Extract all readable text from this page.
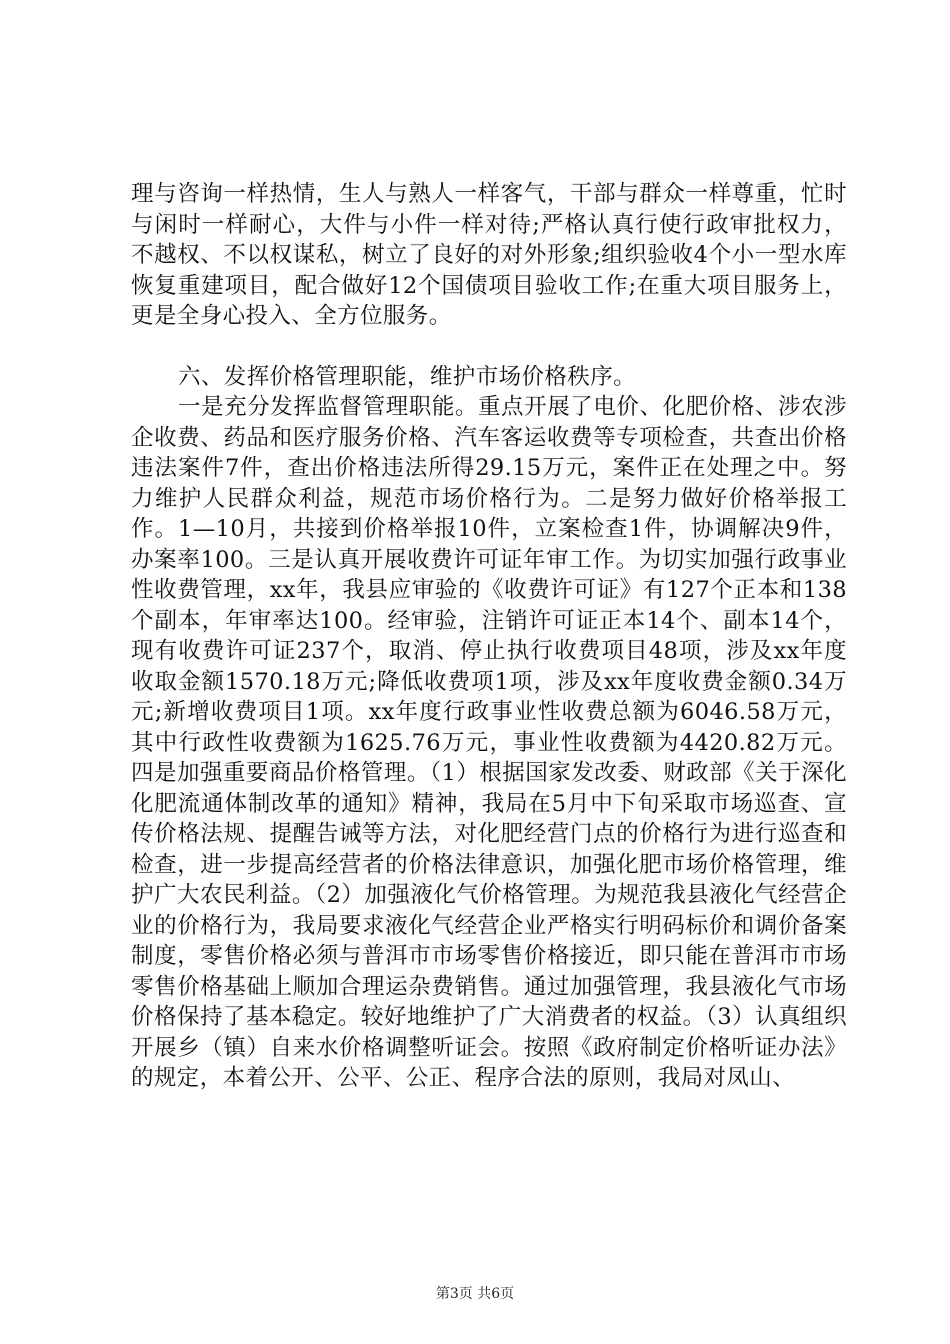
理与咨询一样热情，生人与熟人一样客气，干部与群众一样尊重，忙时与闲时一样耐心，大件与小件一样对待;严格认真行使行政审批权力，不越权、不以权谋私，树立了良好的对外形象;组织验收4个小一型水库恢复重建项目，配合做好12个国债项目验收工作;在重大项目服务上，更是全身心投入、全方位服务。

六、发挥价格管理职能，维护市场价格秩序。

一是充分发挥监督管理职能。重点开展了电价、化肥价格、涉农涉企收费、药品和医疗服务价格、汽车客运收费等专项检查，共查出价格违法案件7件，查出价格违法所得29.15万元，案件正在处理之中。努力维护人民群众利益，规范市场价格行为。二是努力做好价格举报工作。1—10月，共接到价格举报10件，立案检查1件，协调解决9件，办案率100。三是认真开展收费许可证年审工作。为切实加强行政事业性收费管理，xx年，我县应审验的《收费许可证》有127个正本和138个副本，年审率达100。经审验，注销许可证正本14个、副本14个，现有收费许可证237个，取消、停止执行收费项目48项，涉及xx年度收取金额1570.18万元;降低收费项1项，涉及xx年度收费金额0.34万元;新增收费项目1项。xx年度行政事业性收费总额为6046.58万元，其中行政性收费额为1625.76万元，事业性收费额为4420.82万元。四是加强重要商品价格管理。（1）根据国家发改委、财政部《关于深化化肥流通体制改革的通知》精神，我局在5月中下旬采取市场巡查、宣传价格法规、提醒告诫等方法，对化肥经营门点的价格行为进行巡查和检查，进一步提高经营者的价格法律意识，加强化肥市场价格管理，维护广大农民利益。（2）加强液化气价格管理。为规范我县液化气经营企业的价格行为，我局要求液化气经营企业严格实行明码标价和调价备案制度，零售价格必须与普洱市市场零售价格接近，即只能在普洱市市场零售价格基础上顺加合理运杂费销售。通过加强管理，我县液化气市场价格保持了基本稳定。较好地维护了广大消费者的权益。（3）认真组织开展乡（镇）自来水价格调整听证会。按照《政府制定价格听证办法》的规定，本着公开、公平、公正、程序合法的原则，我局对凤山、

第3页 共6页
